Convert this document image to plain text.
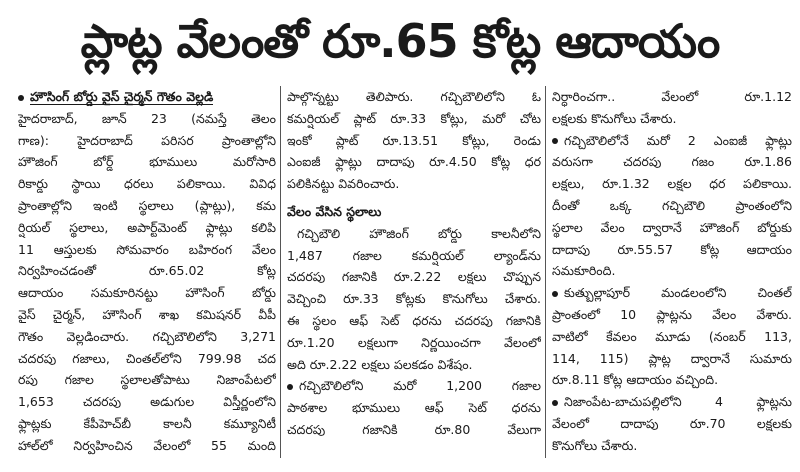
ప్లాట్ల వేలంతో రూ.65 కోట్ల ఆదాయం
హౌసింగ్ బోర్డు వైస్ చైర్మన్ గౌతం వెల్లడి
హైదరాబాద్, జూన్ 23 (నమస్తే తెలం
గాణ): హైదరాబాద్ పరిసర ప్రాంతాల్లోని
హౌజింగ్ బోర్డ్ భూములు మరోసారి
రికార్డు స్థాయి ధరలు పలికాయి. వివిధ
ప్రాంతాల్లోని ఇంటి స్థలాలు (ప్లాట్లు), కమ
ర్షియల్ స్థలాలు, అపార్ట్‌మెంట్ ఫ్లాట్లు కలిపి
11 ఆస్తులకు సోమవారం బహిరంగ వేలం
నిర్వహించడంతో రూ.65.02 కోట్ల
ఆదాయం సమకూరినట్టు హౌసింగ్ బోర్డు
వైస్ చైర్మన్, హౌసింగ్ శాఖ కమిషనర్ వీపీ
గౌతం వెల్లడించారు. గచ్చిబౌలిలోని 3,271
చదరపు గజాలు, చింతల్‌లోని 799.98 చద
రపు గజాల స్థలాలతోపాటు నిజాంపేటలో
1,653 చదరపు అడుగుల విస్తీర్ణంలోని
ఫ్లాట్లకు కేపీహెచ్‌బీ కాలనీ కమ్యూనిటీ
హాల్‌లో నిర్వహించిన వేలంలో 55 మంది
పాల్గొన్నట్టు తెలిపారు. గచ్చిబౌలిలోని ఓ
కమర్షియల్ ప్లాట్ రూ.33 కోట్లు, మరో చోట
ఇంకో ప్లాట్ రూ.13.51 కోట్లు, రెండు
ఎంఐజీ ఫ్లాట్లు దాదాపు రూ.4.50 కోట్ల ధర
పలికినట్టు వివరించారు.
వేలం వేసిన స్థలాలు
గచ్చిబౌలి హౌజింగ్ బోర్డు కాలనీలోని
1,487 గజాల కమర్షియల్ ల్యాండ్‌ను
చదరపు గజానికి రూ.2.22 లక్షలు చొప్పున
వెచ్చించి రూ.33 కోట్లకు కొనుగోలు చేశారు.
ఈ స్థలం ఆఫ్ సెట్ ధరను చదరపు గజానికి
రూ.1.20 లక్షలుగా నిర్ణయించగా వేలంలో
అది రూ.2.22 లక్షలు పలకడం విశేషం.
గచ్చిబౌలిలోని మరో 1,200 గజాల
పాఠశాల భూములు ఆఫ్ సెట్ ధరను
చదరపు గజానికి రూ.80 వేలుగా
నిర్ధారించగా.. వేలంలో రూ.1.12
లక్షలకు కొనుగోలు చేశారు.
గచ్చిబౌలిలోనే మరో 2 ఎంఐజీ ఫ్లాట్లు
వరుసగా చదరపు గజం రూ.1.86
లక్షలు, రూ.1.32 లక్షల ధర పలికాయి.
దీంతో ఒక్క గచ్చిబౌలి ప్రాంతంలోని
స్థలాల వేలం ద్వారానే హౌజింగ్ బోర్డుకు
దాదాపు రూ.55.57 కోట్ల ఆదాయం
సమకూరింది.
కుత్బుల్లాపూర్ మండలంలోని చింతల్
ప్రాంతంలో 10 ప్లాట్లను వేలం వేశారు.
వాటిలో కేవలం మూడు (నంబర్ 113,
114, 115) ప్లాట్ల ద్వారానే సుమారు
రూ.8.11 కోట్ల ఆదాయం వచ్చింది.
నిజాంపేట-బాచుపల్లిలోని 4 ఫ్లాట్లను
వేలంలో దాదాపు రూ.70 లక్షలకు
కొనుగోలు చేశారు.
